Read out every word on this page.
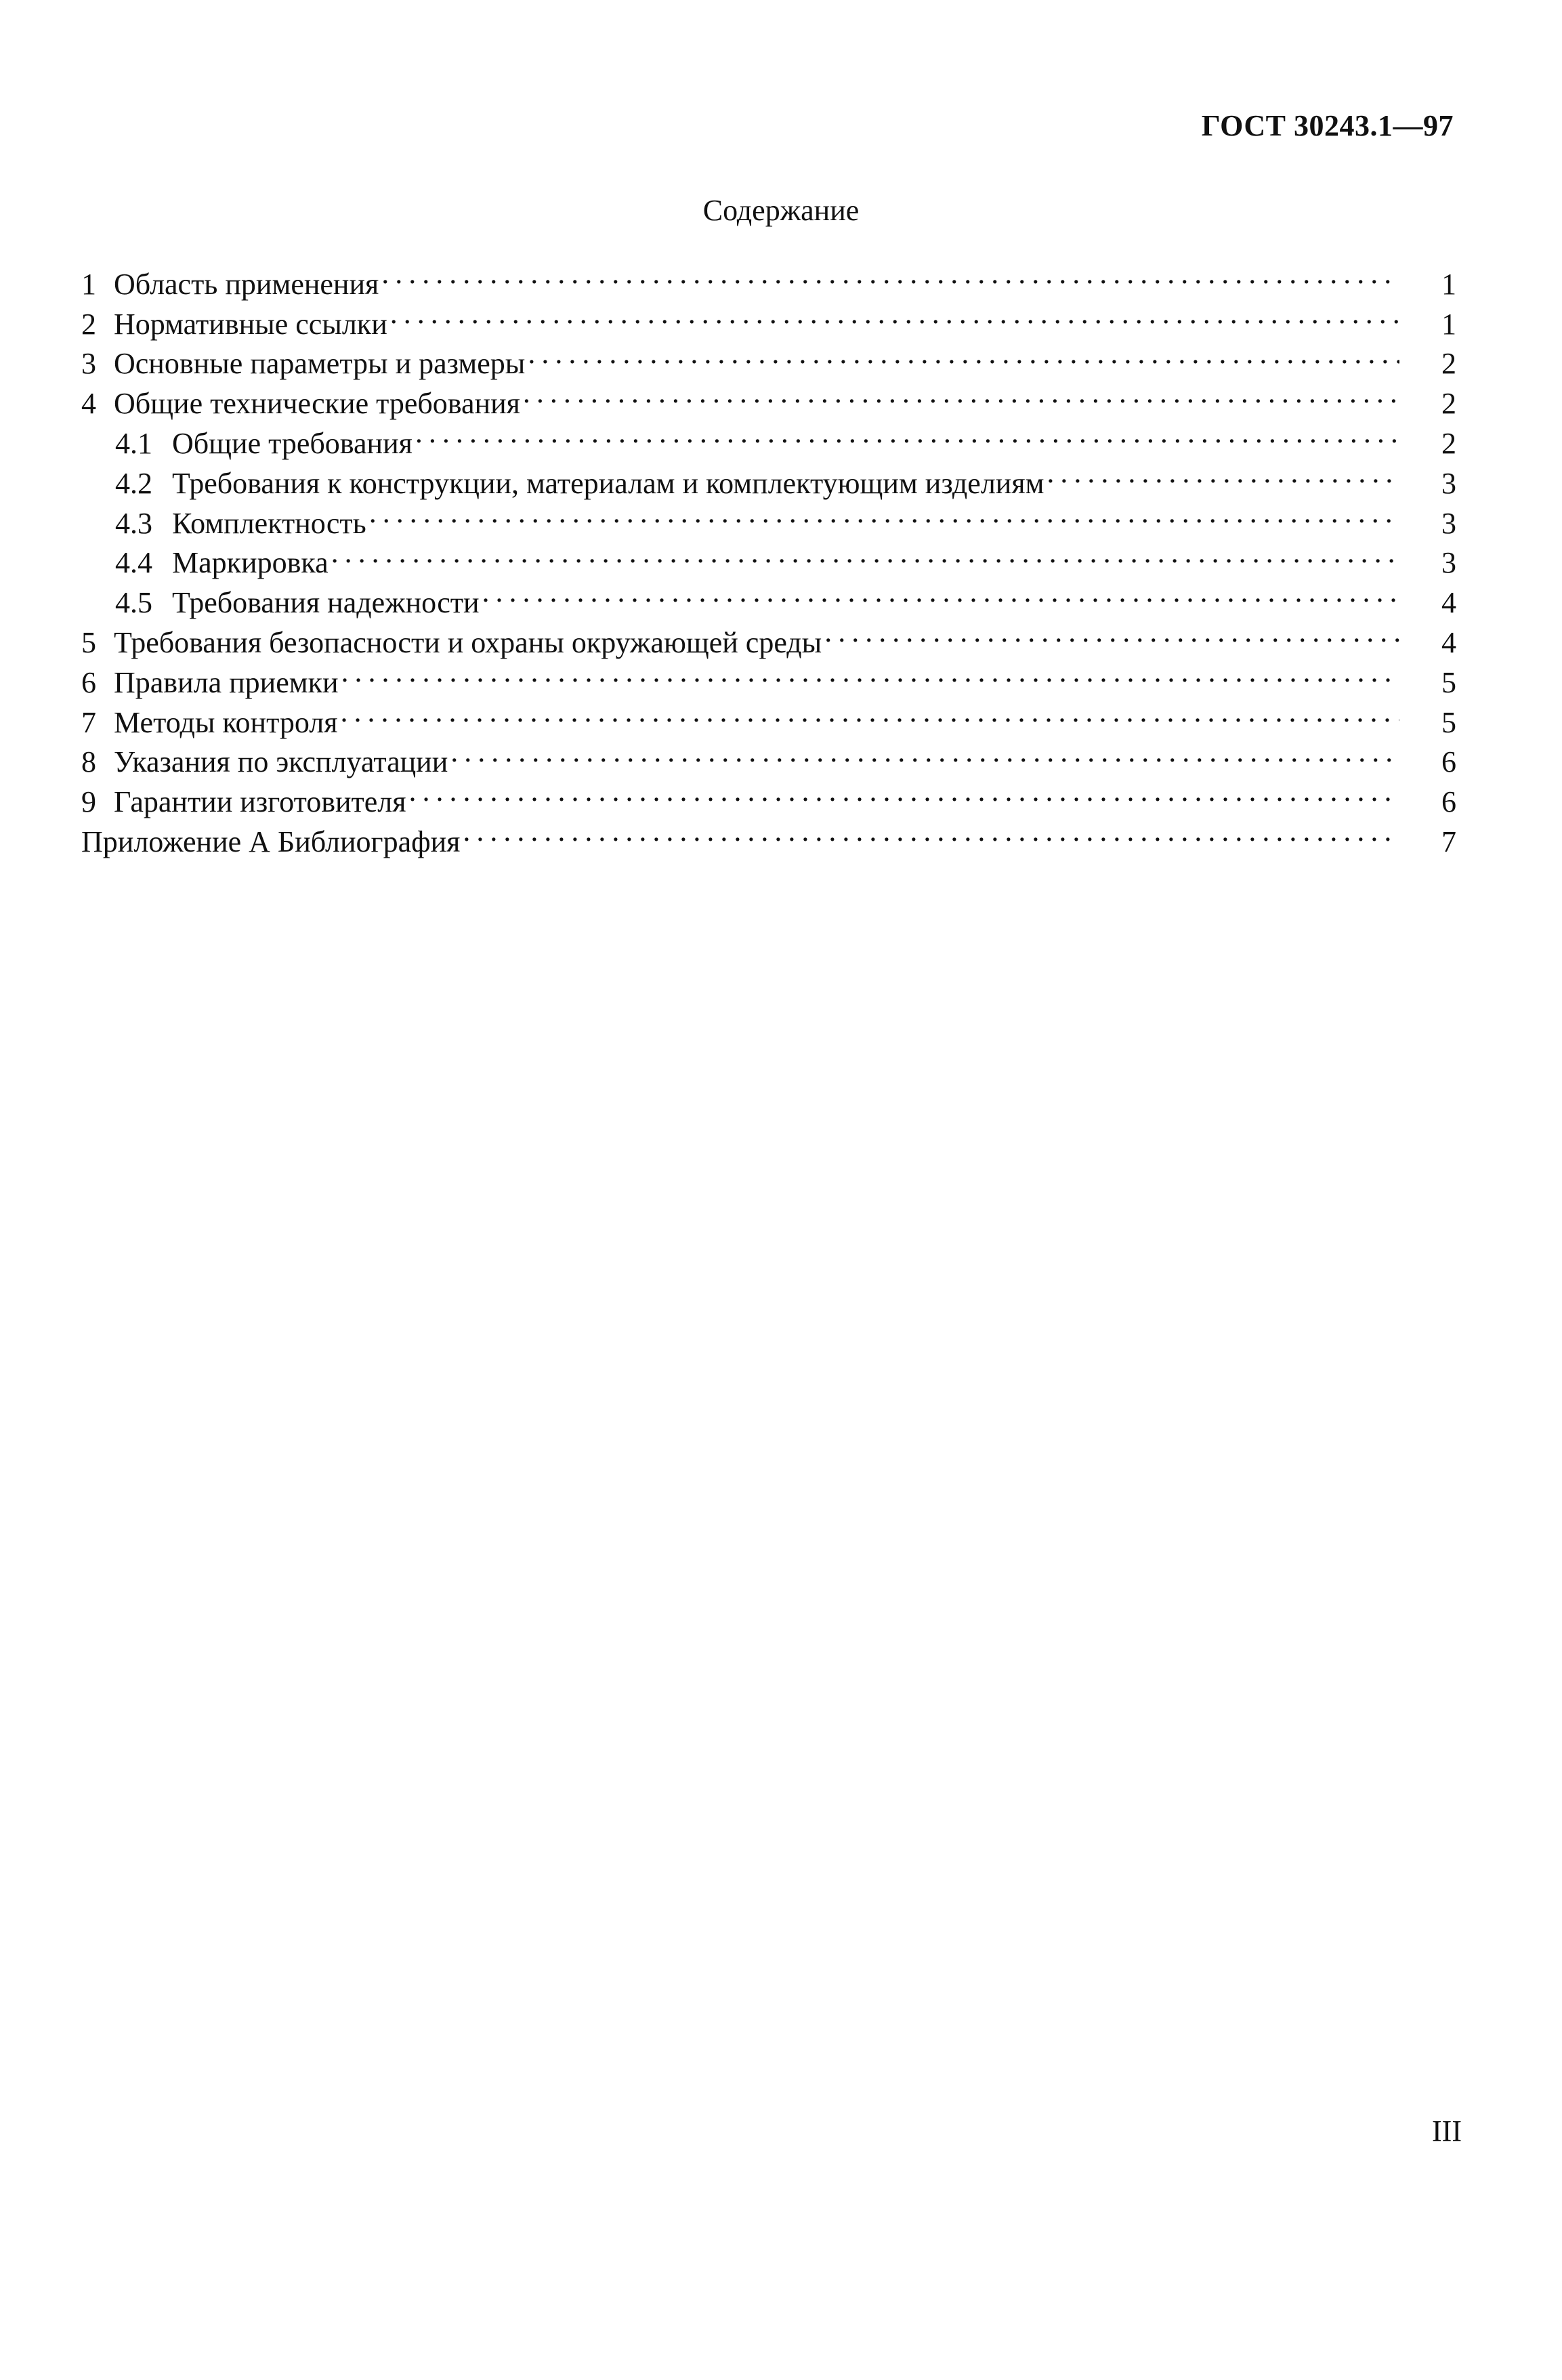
ГОСТ 30243.1—97
Содержание
1 Область применения . . .	1
2 Нормативные ссылки . . .	1
3 Основные параметры и размеры . . .	2
4 Общие технические требования . . .	2
4.1 Общие требования . . .	2
4.2 Требования к конструкции, материалам и комплектующим изделиям . . .	3
4.3 Комплектность . . .	3
4.4 Маркировка . . .	3
4.5 Требования надежности . . .	4
5 Требования безопасности и охраны окружающей среды . . .	4
6 Правила приемки . . .	5
7 Методы контроля . . .	5
8 Указания по эксплуатации . . .	6
9 Гарантии изготовителя . . .	6
Приложение А Библиография . . .	7
III
